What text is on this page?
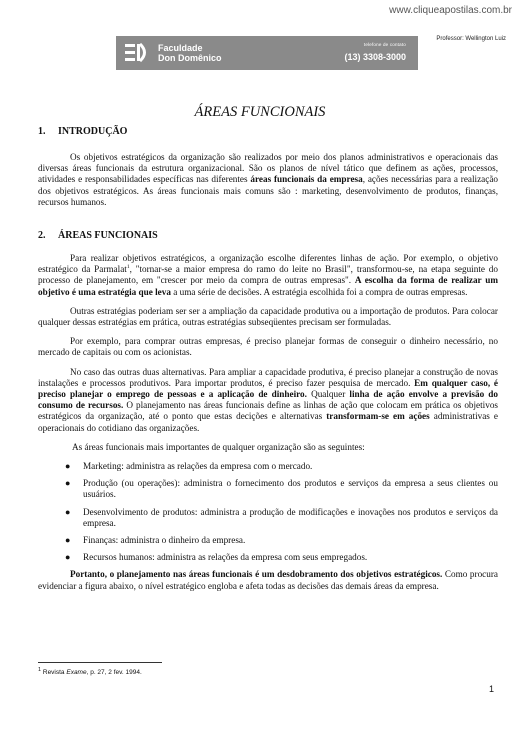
www.cliqueapostilas.com.br
Faculdade
Don Domênico
telefone de contato
(13) 3308-3000
Professor: Wellington Luiz
ÁREAS FUNCIONAIS
1. INTRODUÇÃO

Os objetivos estratégicos da organização são realizados por meio dos planos administrativos e operacionais das diversas áreas funcionais da estrutura organizacional. São os planos de nível tático que definem as ações, processos, atividades e responsabilidades específicas nas diferentes áreas funcionais da empresa, ações necessárias para a realização dos objetivos estratégicos. As áreas funcionais mais comuns são : marketing, desenvolvimento de produtos, finanças, recursos humanos.

2. ÁREAS FUNCIONAIS

Para realizar objetivos estratégicos, a organização escolhe diferentes linhas de ação. Por exemplo, o objetivo estratégico da Parmalat$^1$, "tornar-se a maior empresa do ramo do leite no Brasil", transformou-se, na etapa seguinte do processo de planejamento, em "crescer por meio da compra de outras empresas". A escolha da forma de realizar um objetivo é uma estratégia que leva a uma série de decisões. A estratégia escolhida foi a compra de outras empresas.

Outras estratégias poderiam ser ser a ampliação da capacidade produtiva ou a importação de produtos. Para colocar qualquer dessas estratégias em prática, outras estratégias subseqüentes precisam ser formuladas.

Por exemplo, para comprar outras empresas, é preciso planejar formas de conseguir o dinheiro necessário, no mercado de capitais ou com os acionistas.

No caso das outras duas alternativas. Para ampliar a capacidade produtiva, é preciso planejar a construção de novas instalações e processos produtivos. Para importar produtos, é preciso fazer pesquisa de mercado. Em qualquer caso, é preciso planejar o emprego de pessoas e a aplicação de dinheiro. Qualquer linha de ação envolve a previsão do consumo de recursos. O planejamento nas áreas funcionais define as linhas de ação que colocam em prática os objetivos estratégicos da organização, até o ponto que estas decições e alternativas transformam-se em ações administrativas e operacionais do cotidiano das organizações.

As áreas funcionais mais importantes de qualquer organização são as seguintes:

● Marketing: administra as relações da empresa com o mercado.
● Produção (ou operações): administra o fornecimento dos produtos e serviços da empresa a seus clientes ou usuários.
● Desenvolvimento de produtos: administra a produção de modificações e inovações nos produtos e serviços da empresa.
● Finanças: administra o dinheiro da empresa.
● Recursos humanos: administra as relações da empresa com seus empregados.

Portanto, o planejamento nas áreas funcionais é um desdobramento dos objetivos estratégicos. Como procura evidenciar a figura abaixo, o nível estratégico engloba e afeta todas as decisões das demais áreas da empresa.

$^1$ Revista Exame, p. 27, 2 fev. 1994.
1
